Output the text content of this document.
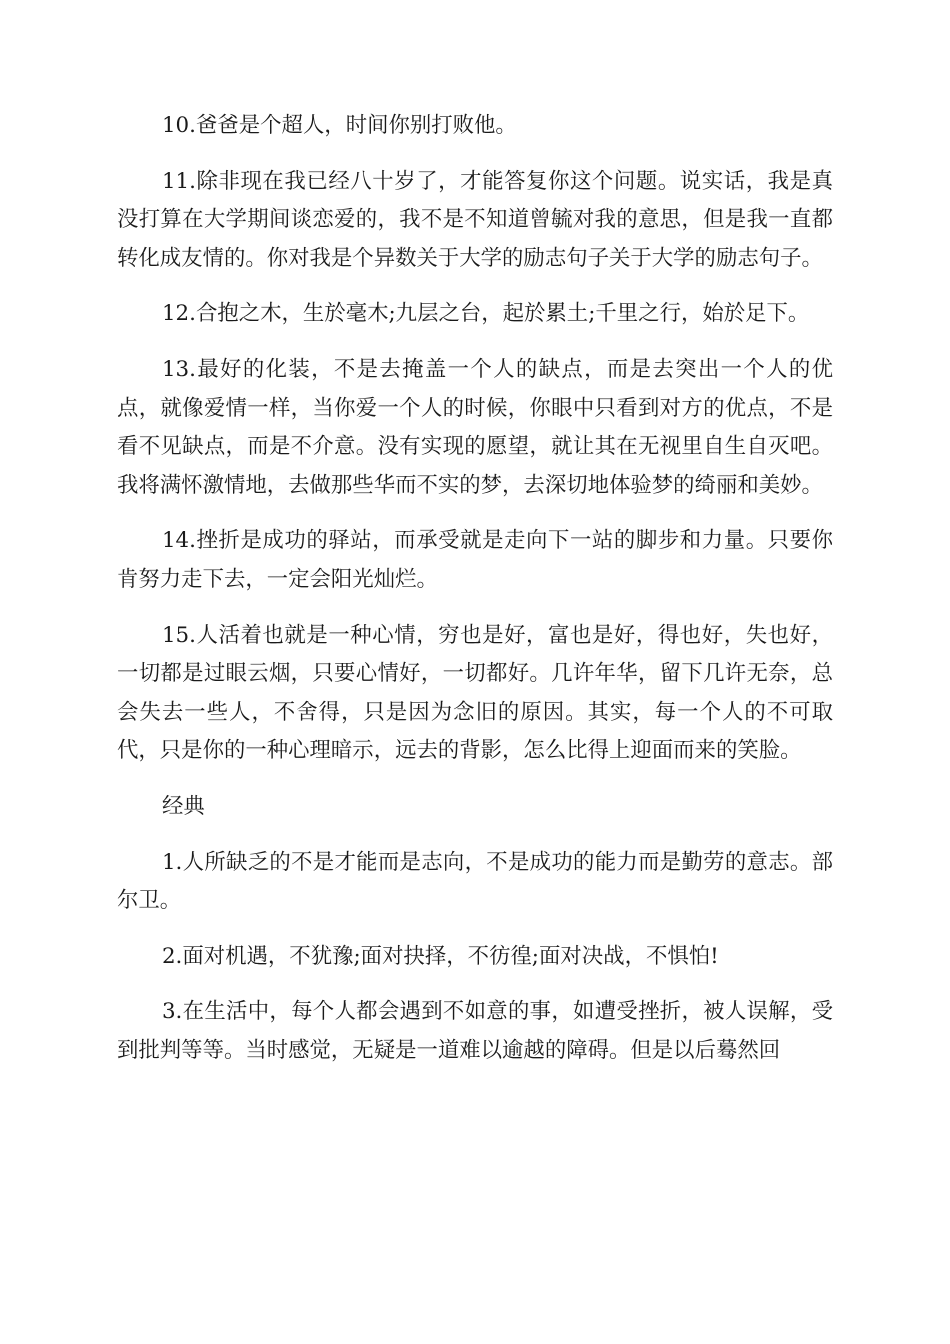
10.爸爸是个超人，时间你别打败他。

11.除非现在我已经八十岁了，才能答复你这个问题。说实话，我是真没打算在大学期间谈恋爱的，我不是不知道曾毓对我的意思，但是我一直都转化成友情的。你对我是个异数关于大学的励志句子关于大学的励志句子。

12.合抱之木，生於毫木;九层之台，起於累土;千里之行，始於足下。

13.最好的化装，不是去掩盖一个人的缺点，而是去突出一个人的优点，就像爱情一样，当你爱一个人的时候，你眼中只看到对方的优点，不是看不见缺点，而是不介意。没有实现的愿望，就让其在无视里自生自灭吧。我将满怀激情地，去做那些华而不实的梦，去深切地体验梦的绮丽和美妙。

14.挫折是成功的驿站，而承受就是走向下一站的脚步和力量。只要你肯努力走下去，一定会阳光灿烂。

15.人活着也就是一种心情，穷也是好，富也是好，得也好，失也好，一切都是过眼云烟，只要心情好，一切都好。几许年华，留下几许无奈，总会失去一些人，不舍得，只是因为念旧的原因。其实，每一个人的不可取代，只是你的一种心理暗示，远去的背影，怎么比得上迎面而来的笑脸。

经典

1.人所缺乏的不是才能而是志向，不是成功的能力而是勤劳的意志。部尔卫。

2.面对机遇，不犹豫;面对抉择，不彷徨;面对决战，不惧怕!

3.在生活中，每个人都会遇到不如意的事，如遭受挫折，被人误解，受到批判等等。当时感觉，无疑是一道难以逾越的障碍。但是以后蓦然回
